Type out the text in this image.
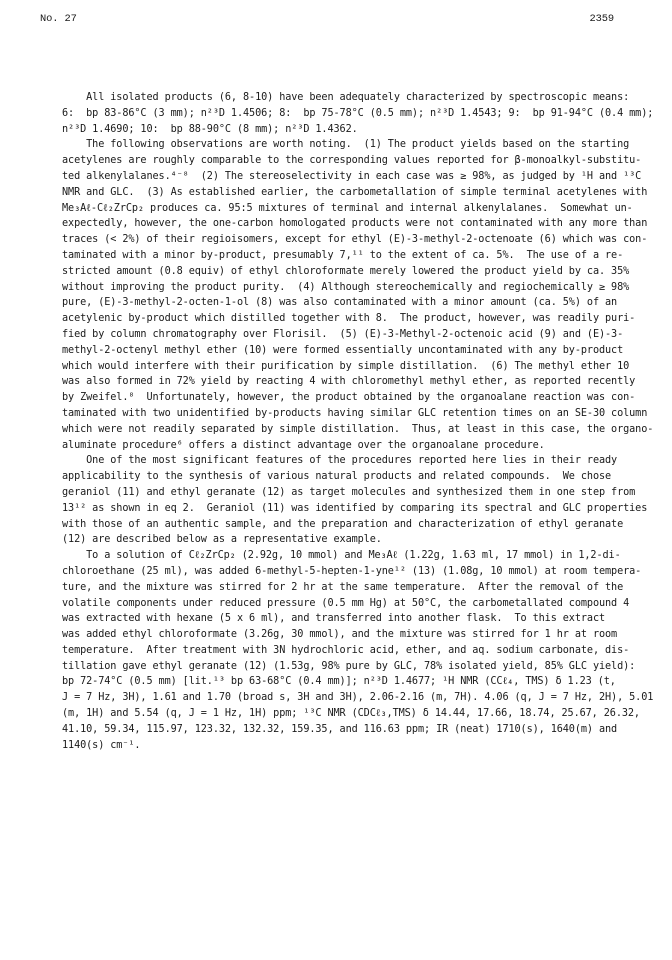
No. 27	2359
All isolated products (6, 8-10) have been adequately characterized by spectroscopic means:
6:  bp 83-86°C (3 mm); n²³D 1.4506; 8:  bp 75-78°C (0.5 mm); n²³D 1.4543; 9:  bp 91-94°C (0.4 mm);
n²³D 1.4690; 10:  bp 88-90°C (8 mm); n²³D 1.4362.
The following observations are worth noting.  (1) The product yields based on the starting
acetylenes are roughly comparable to the corresponding values reported for β-monoalkyl-substitu-
ted alkenylalanes.⁴⁻⁸  (2) The stereoselectivity in each case was ≥ 98%, as judged by ¹H and ¹³C
NMR and GLC.  (3) As established earlier, the carbometallation of simple terminal acetylenes with
Me₃Aℓ-Cℓ₂ZrCp₂ produces ca. 95:5 mixtures of terminal and internal alkenylalanes.  Somewhat un-
expectedly, however, the one-carbon homologated products were not contaminated with any more than
traces (< 2%) of their regioisomers, except for ethyl (E)-3-methyl-2-octenoate (6) which was con-
taminated with a minor by-product, presumably 7,¹¹ to the extent of ca. 5%.  The use of a re-
stricted amount (0.8 equiv) of ethyl chloroformate merely lowered the product yield by ca. 35%
without improving the product purity.  (4) Although stereochemically and regiochemically ≥ 98%
pure, (E)-3-methyl-2-octen-1-ol (8) was also contaminated with a minor amount (ca. 5%) of an
acetylenic by-product which distilled together with 8.  The product, however, was readily puri-
fied by column chromatography over Florisil.  (5) (E)-3-Methyl-2-octenoic acid (9) and (E)-3-
methyl-2-octenyl methyl ether (10) were formed essentially uncontaminated with any by-product
which would interfere with their purification by simple distillation.  (6) The methyl ether 10
was also formed in 72% yield by reacting 4 with chloromethyl methyl ether, as reported recently
by Zweifel.⁸  Unfortunately, however, the product obtained by the organoalane reaction was con-
taminated with two unidentified by-products having similar GLC retention times on an SE-30 column
which were not readily separated by simple distillation.  Thus, at least in this case, the organo-
aluminate procedure⁶ offers a distinct advantage over the organoalane procedure.
One of the most significant features of the procedures reported here lies in their ready
applicability to the synthesis of various natural products and related compounds.  We chose
geraniol (11) and ethyl geranate (12) as target molecules and synthesized them in one step from
13¹² as shown in eq 2.  Geraniol (11) was identified by comparing its spectral and GLC properties
with those of an authentic sample, and the preparation and characterization of ethyl geranate
(12) are described below as a representative example.
To a solution of Cℓ₂ZrCp₂ (2.92g, 10 mmol) and Me₃Aℓ (1.22g, 1.63 ml, 17 mmol) in 1,2-di-
chloroethane (25 ml), was added 6-methyl-5-hepten-1-yne¹² (13) (1.08g, 10 mmol) at room tempera-
ture, and the mixture was stirred for 2 hr at the same temperature.  After the removal of the
volatile components under reduced pressure (0.5 mm Hg) at 50°C, the carbometallated compound 4
was extracted with hexane (5 x 6 ml), and transferred into another flask.  To this extract
was added ethyl chloroformate (3.26g, 30 mmol), and the mixture was stirred for 1 hr at room
temperature.  After treatment with 3N hydrochloric acid, ether, and aq. sodium carbonate, dis-
tillation gave ethyl geranate (12) (1.53g, 98% pure by GLC, 78% isolated yield, 85% GLC yield):
bp 72-74°C (0.5 mm) [lit.¹³ bp 63-68°C (0.4 mm)]; n²³D 1.4677; ¹H NMR (CCℓ₄, TMS) δ 1.23 (t,
J = 7 Hz, 3H), 1.61 and 1.70 (broad s, 3H and 3H), 2.06-2.16 (m, 7H). 4.06 (q, J = 7 Hz, 2H), 5.01
(m, 1H) and 5.54 (q, J = 1 Hz, 1H) ppm; ¹³C NMR (CDCℓ₃,TMS) δ 14.44, 17.66, 18.74, 25.67, 26.32,
41.10, 59.34, 115.97, 123.32, 132.32, 159.35, and 116.63 ppm; IR (neat) 1710(s), 1640(m) and
1140(s) cm⁻¹.
